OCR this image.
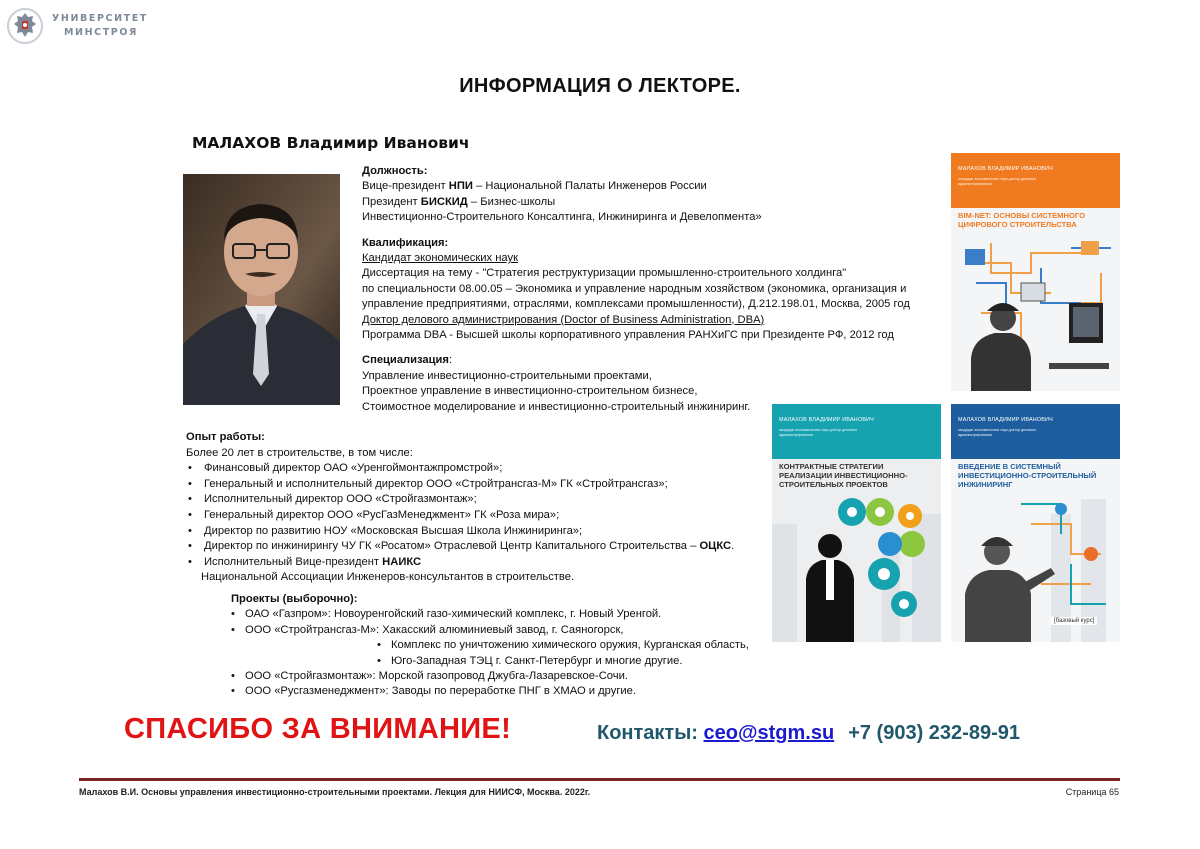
УНИВЕРСИТЕТ
МИНСТРОЯ
ИНФОРМАЦИЯ О ЛЕКТОРЕ.
МАЛАХОВ Владимир Иванович
Должность:
Вице-президент НПИ – Национальной Палаты Инженеров России
Президент БИСКИД – Бизнес-школы
Инвестиционно-Строительного Консалтинга, Инжиниринга и Девелопмента»
Квалификация:
Кандидат экономических наук
Диссертация на тему - "Стратегия реструктуризации промышленно-строительного холдинга"
по специальности 08.00.05 – Экономика и управление народным хозяйством (экономика, организация и
управление предприятиями, отраслями, комплексами промышленности), Д.212.198.01, Москва, 2005 год
Доктор делового администрирования (Doctor of Business Administration, DBA)
Программа DBA - Высшей школы корпоративного управления РАНХиГС при Президенте РФ, 2012 год
Специализация:
Управление инвестиционно-строительными проектами,
Проектное управление в инвестиционно-строительном бизнесе,
Стоимостное моделирование и инвестиционно-строительный инжиниринг.
Опыт работы:
Более 20 лет в строительстве, в том числе:
• Финансовый директор ОАО «Уренгоймонтажпромстрой»;
• Генеральный и исполнительный директор ООО «Стройтрансгаз-М» ГК «Стройтрансгаз»;
• Исполнительный директор ООО «Стройгазмонтаж»;
• Генеральный директор ООО «РусГазМенеджмент» ГК «Роза мира»;
• Директор по развитию НОУ «Московская Высшая Школа Инжиниринга»;
• Директор по инжинирингу ЧУ ГК «Росатом» Отраслевой Центр Капитального Строительства – ОЦКС.
• Исполнительный Вице-президент НАИКС
Национальной Ассоциации Инженеров-консультантов в строительстве.
Проекты (выборочно):
• ОАО «Газпром»: Новоуренгойский газо-химический комплекс, г. Новый Уренгой.
• ООО «Стройтрансгаз-М»: Хакасский алюминиевый завод, г. Саяногорск,
• Комплекс по уничтожению химического оружия, Курганская область,
• Юго-Западная ТЭЦ г. Санкт-Петербург и многие другие.
• ООО «Стройгазмонтаж»: Морской газопровод Джубга-Лазаревское-Сочи.
• ООО «Русгазменеджмент»: Заводы по переработке ПНГ в ХМАО и другие.
МАЛАХОВ ВЛАДИМИР ИВАНОВИЧ
кандидат экономических наук доктор делового администрирования
BIM-NET: ОСНОВЫ СИСТЕМНОГО ЦИФРОВОГО СТРОИТЕЛЬСТВА
МАЛАХОВ ВЛАДИМИР ИВАНОВИЧ
кандидат экономических наук доктор делового администрирования
КОНТРАКТНЫЕ СТРАТЕГИИ РЕАЛИЗАЦИИ ИНВЕСТИЦИОННО-СТРОИТЕЛЬНЫХ ПРОЕКТОВ
МАЛАХОВ ВЛАДИМИР ИВАНОВИЧ
кандидат экономических наук доктор делового администрирования
ВВЕДЕНИЕ В СИСТЕМНЫЙ ИНВЕСТИЦИОННО-СТРОИТЕЛЬНЫЙ ИНЖИНИРИНГ
[базовый курс]
СПАСИБО ЗА ВНИМАНИЕ!	Контакты: ceo@stgm.su +7 (903) 232-89-91
Малахов В.И. Основы управления инвестиционно-строительными проектами. Лекция для НИИСФ, Москва. 2022г.	Страница 65
